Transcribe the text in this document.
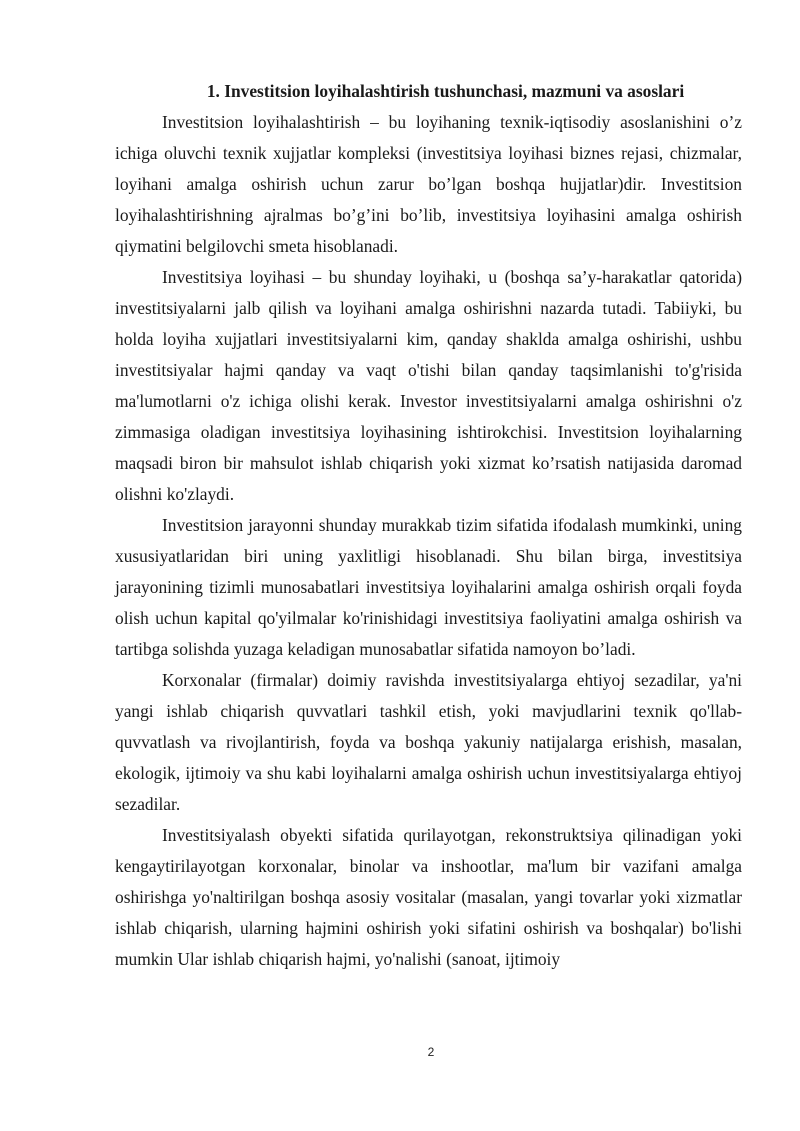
1. Investitsion loyihalashtirish tushunchasi, mazmuni va asoslari

Investitsion loyihalashtirish – bu loyihaning texnik-iqtisodiy asoslanishini o’z ichiga oluvchi texnik xujjatlar kompleksi (investitsiya loyihasi biznes rejasi, chizmalar, loyihani amalga oshirish uchun zarur bo’lgan boshqa hujjatlar)dir. Investitsion loyihalashtirishning ajralmas bo’g’ini bo’lib, investitsiya loyihasini amalga oshirish qiymatini belgilovchi smeta hisoblanadi.

Investitsiya loyihasi – bu shunday loyihaki, u (boshqa sa’y-harakatlar qatorida) investitsiyalarni jalb qilish va loyihani amalga oshirishni nazarda tutadi. Tabiiyki, bu holda loyiha xujjatlari investitsiyalarni kim, qanday shaklda amalga oshirishi, ushbu investitsiyalar hajmi qanday va vaqt o'tishi bilan qanday taqsimlanishi to'g'risida ma'lumotlarni o'z ichiga olishi kerak. Investor investitsiyalarni amalga oshirishni o'z zimmasiga oladigan investitsiya loyihasining ishtirokchisi. Investitsion loyihalarning maqsadi biron bir mahsulot ishlab chiqarish yoki xizmat ko’rsatish natijasida daromad olishni ko'zlaydi.

Investitsion jarayonni shunday murakkab tizim sifatida ifodalash mumkinki, uning xususiyatlaridan biri uning yaxlitligi hisoblanadi. Shu bilan birga, investitsiya jarayonining tizimli munosabatlari investitsiya loyihalarini amalga oshirish orqali foyda olish uchun kapital qo'yilmalar ko'rinishidagi investitsiya faoliyatini amalga oshirish va tartibga solishda yuzaga keladigan munosabatlar sifatida namoyon bo’ladi.

Korxonalar (firmalar) doimiy ravishda investitsiyalarga ehtiyoj sezadilar, ya'ni yangi ishlab chiqarish quvvatlari tashkil etish, yoki mavjudlarini texnik qo'llab-quvvatlash va rivojlantirish, foyda va boshqa yakuniy natijalarga erishish, masalan, ekologik, ijtimoiy va shu kabi loyihalarni amalga oshirish uchun investitsiyalarga ehtiyoj sezadilar.

Investitsiyalash obyekti sifatida qurilayotgan, rekonstruktsiya qilinadigan yoki kengaytirilayotgan korxonalar, binolar va inshootlar, ma'lum bir vazifani amalga oshirishga yo'naltirilgan boshqa asosiy vositalar (masalan, yangi tovarlar yoki xizmatlar ishlab chiqarish, ularning hajmini oshirish yoki sifatini oshirish va boshqalar) bo'lishi mumkin Ular ishlab chiqarish hajmi, yo'nalishi (sanoat, ijtimoiy

2
